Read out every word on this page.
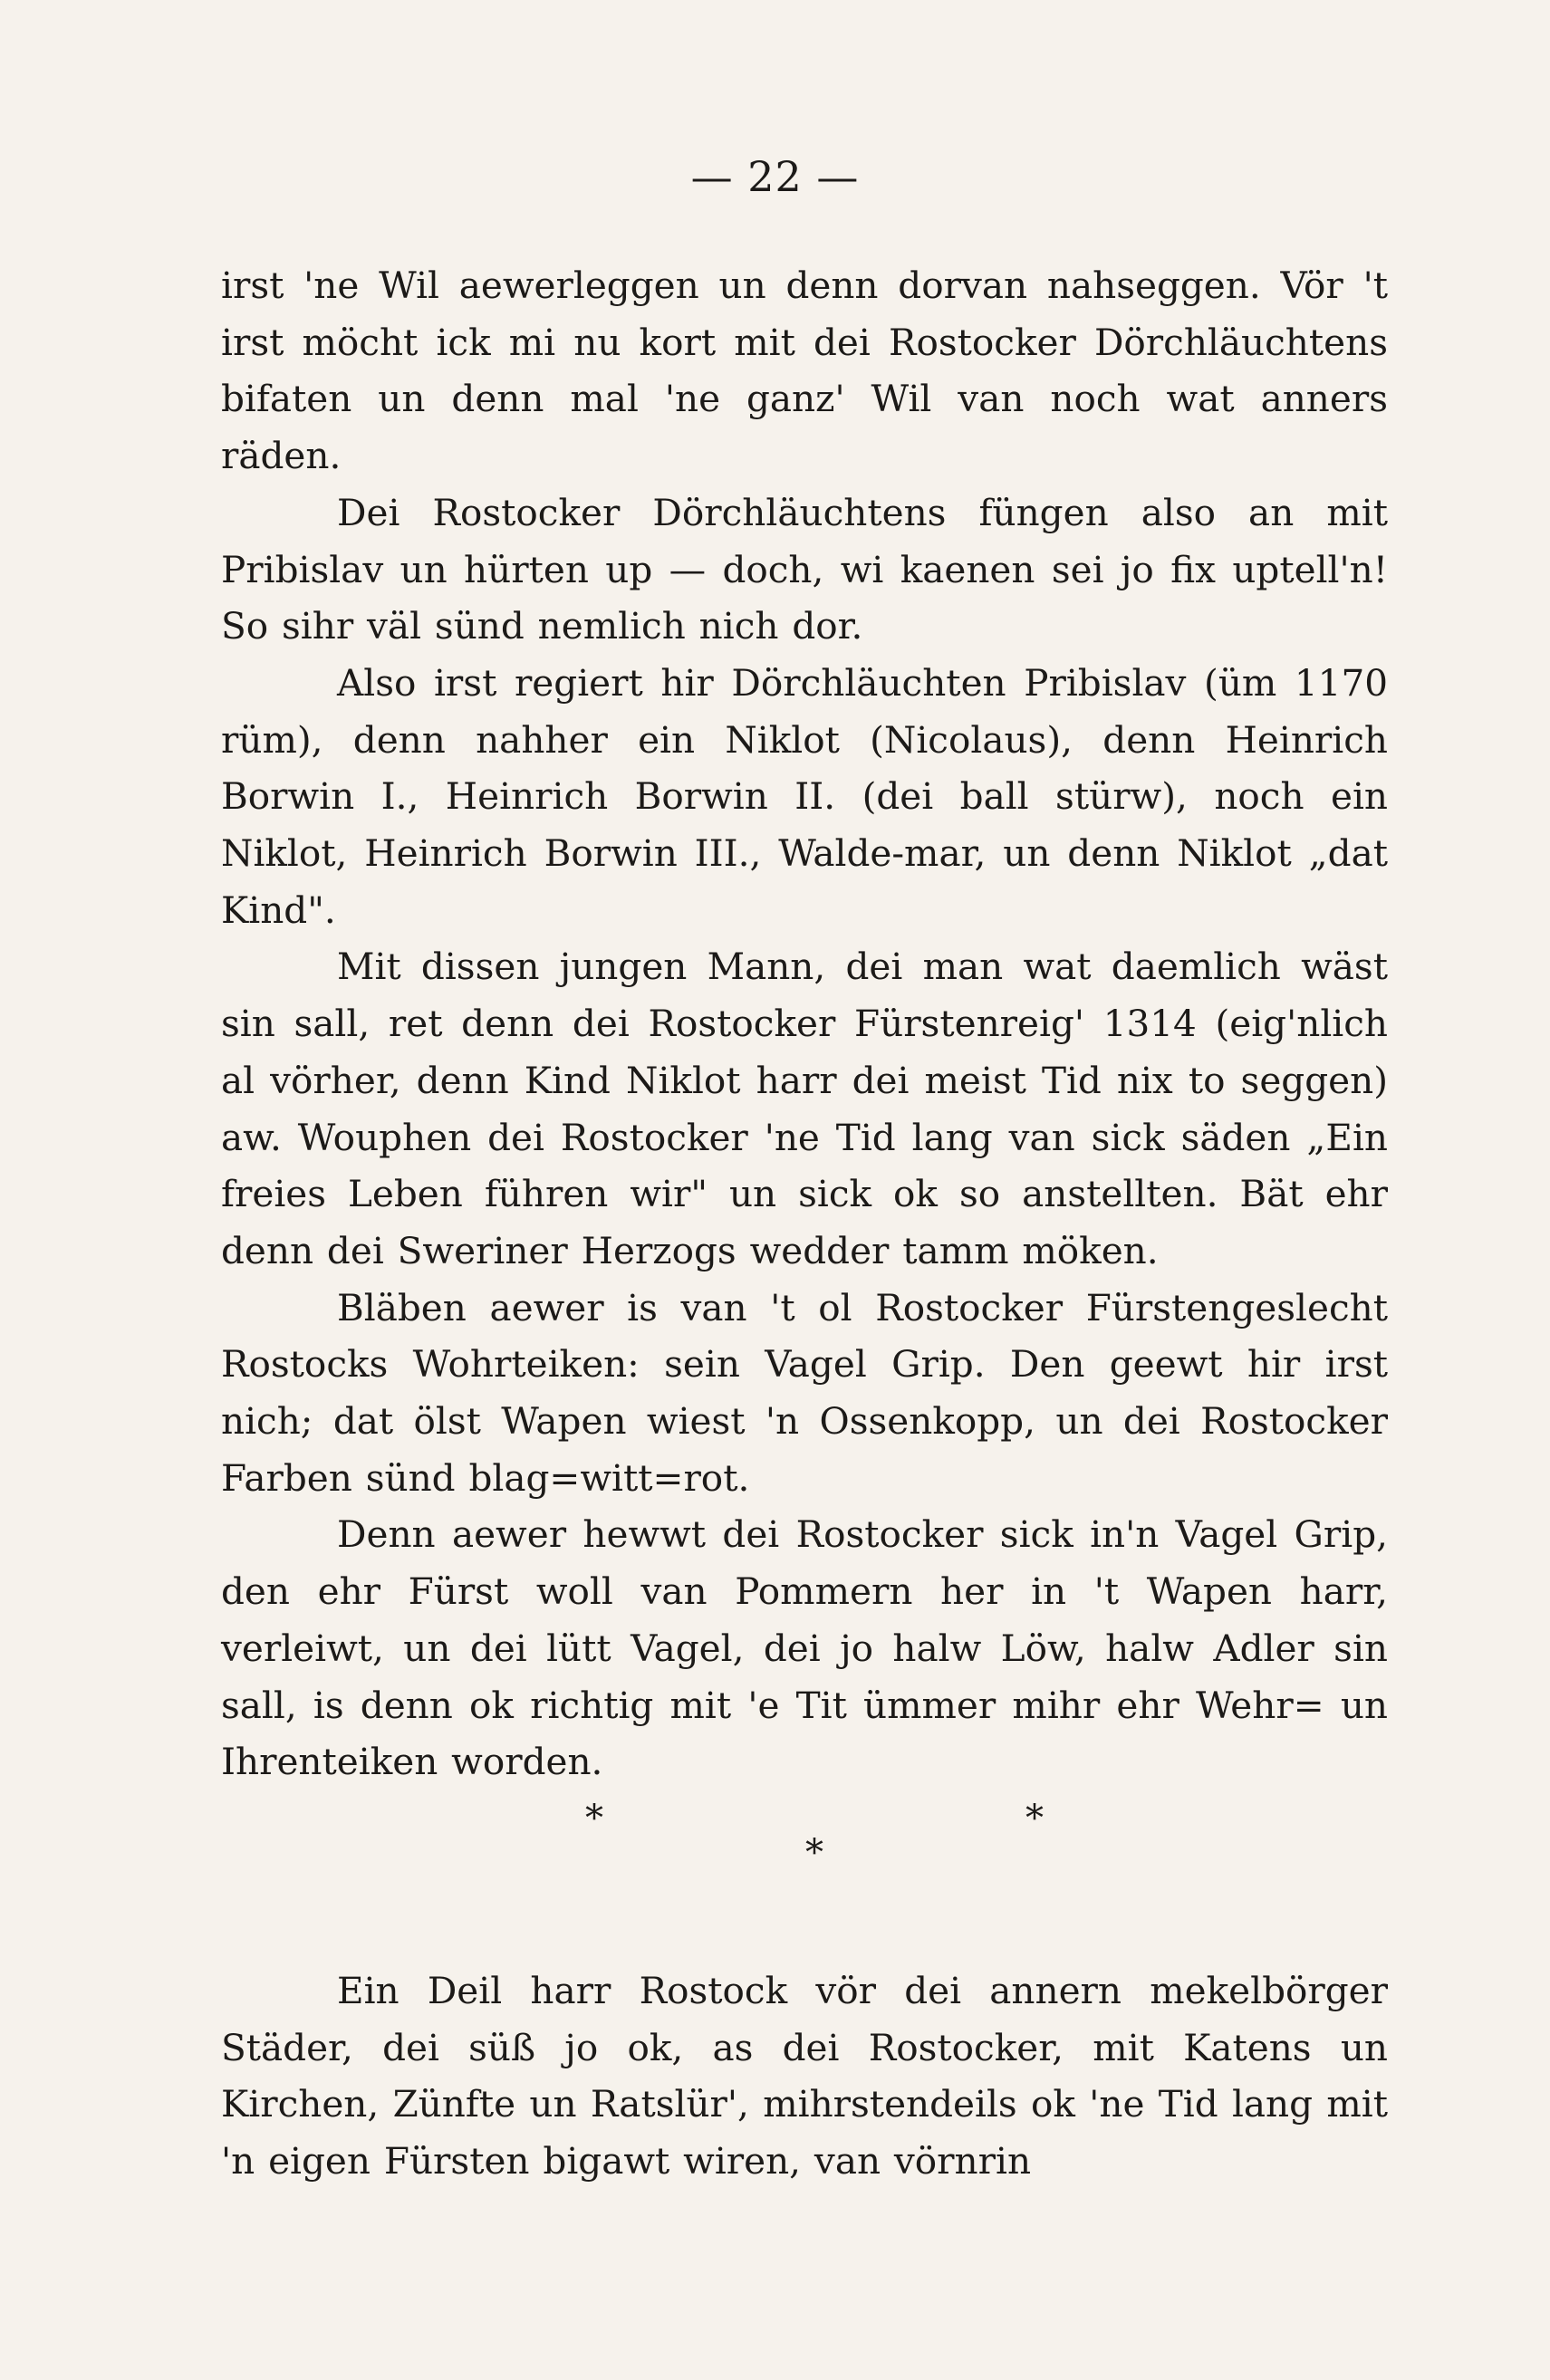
— 22 —

irst 'ne Wil aewerleggen un denn dorvan nahseggen. Vör 't irst möcht ick mi nu kort mit dei Rostocker Dörchläuchtens bifaten un denn mal 'ne ganz' Wil van noch wat anners räden.

Dei Rostocker Dörchläuchtens füngen also an mit Pribislav un hürten up — doch, wi kaenen sei jo fix uptell'n! So sihr väl sünd nemlich nich dor.

Also irst regiert hir Dörchläuchten Pribislav (üm 1170 rüm), denn nahher ein Niklot (Nicolaus), denn Heinrich Borwin I., Heinrich Borwin II. (dei ball stürw), noch ein Niklot, Heinrich Borwin III., Walde-mar, un denn Niklot „dat Kind".

Mit dissen jungen Mann, dei man wat daemlich wäst sin sall, ret denn dei Rostocker Fürstenreig' 1314 (eig'nlich al vörher, denn Kind Niklot harr dei meist Tid nix to seggen) aw. Wouphen dei Rostocker 'ne Tid lang van sick säden „Ein freies Leben führen wir" un sick ok so anstellten. Bät ehr denn dei Sweriner Herzogs wedder tamm möken.

Bläben aewer is van 't ol Rostocker Fürstengeslecht Rostocks Wohrteiken: sein Vagel Grip. Den geewt hir irst nich; dat ölst Wapen wiest 'n Ossenkopp, un dei Rostocker Farben sünd blag=witt=rot.

Denn aewer hewwt dei Rostocker sick in'n Vagel Grip, den ehr Fürst woll van Pommern her in 't Wapen harr, verleiwt, un dei lütt Vagel, dei jo halw Löw, halw Adler sin sall, is denn ok richtig mit 'e Tit ümmer mihr ehr Wehr= un Ihrenteiken worden.

*	*
*

Ein Deil harr Rostock vör dei annern mekelbörger Städer, dei süß jo ok, as dei Rostocker, mit Katens un Kirchen, Zünfte un Ratslür', mihrstendeils ok 'ne Tid lang mit 'n eigen Fürsten bigawt wiren, van vörnrin
